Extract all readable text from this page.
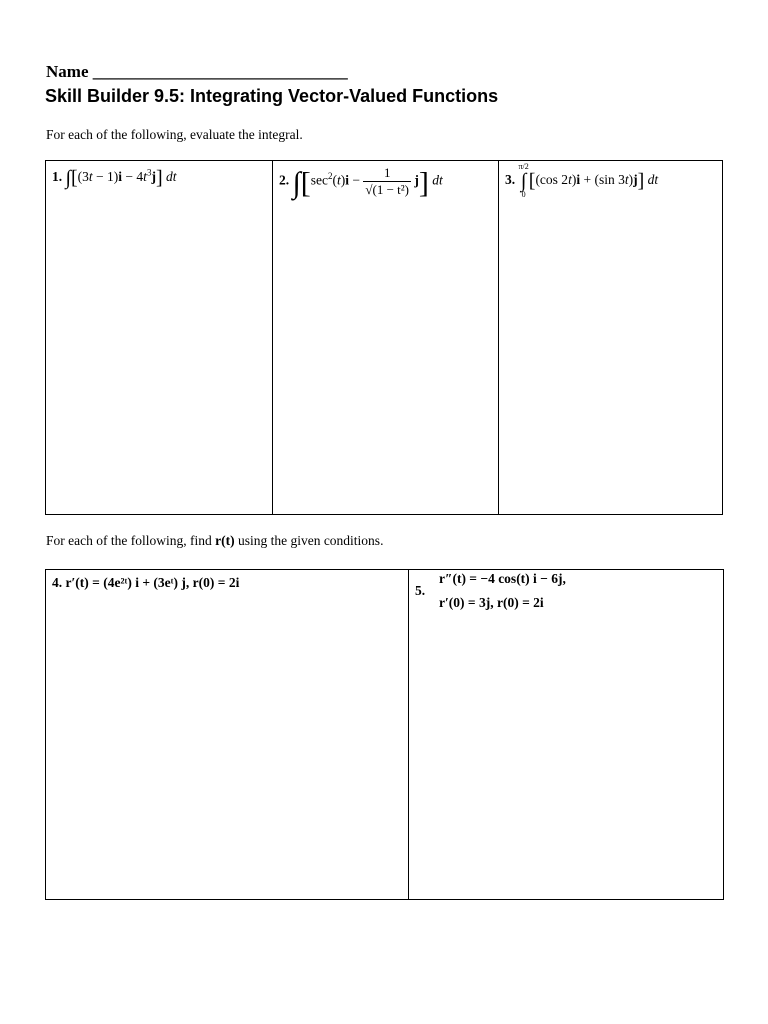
Name ______________________________
Skill Builder 9.5: Integrating Vector-Valued Functions
For each of the following, evaluate the integral.
1. $\int[(3t - 1)i - 4t^3j]$ dt	2. $\int[\sec^2(t)i - \frac{1}{\text{√(1 − t²)}} j]$ dt	3.
π/2
∫
0
[(cos 2t)i + (sin 3t)j] dt
For each of the following, find r(t) using the given conditions.
4. r′(t) = (4e²ᵗ) i + (3eᵗ) j, r(0) = 2i
5.
r″(t) = −4 cos(t) i − 6j,
r′(0) = 3j, r(0) = 2i
